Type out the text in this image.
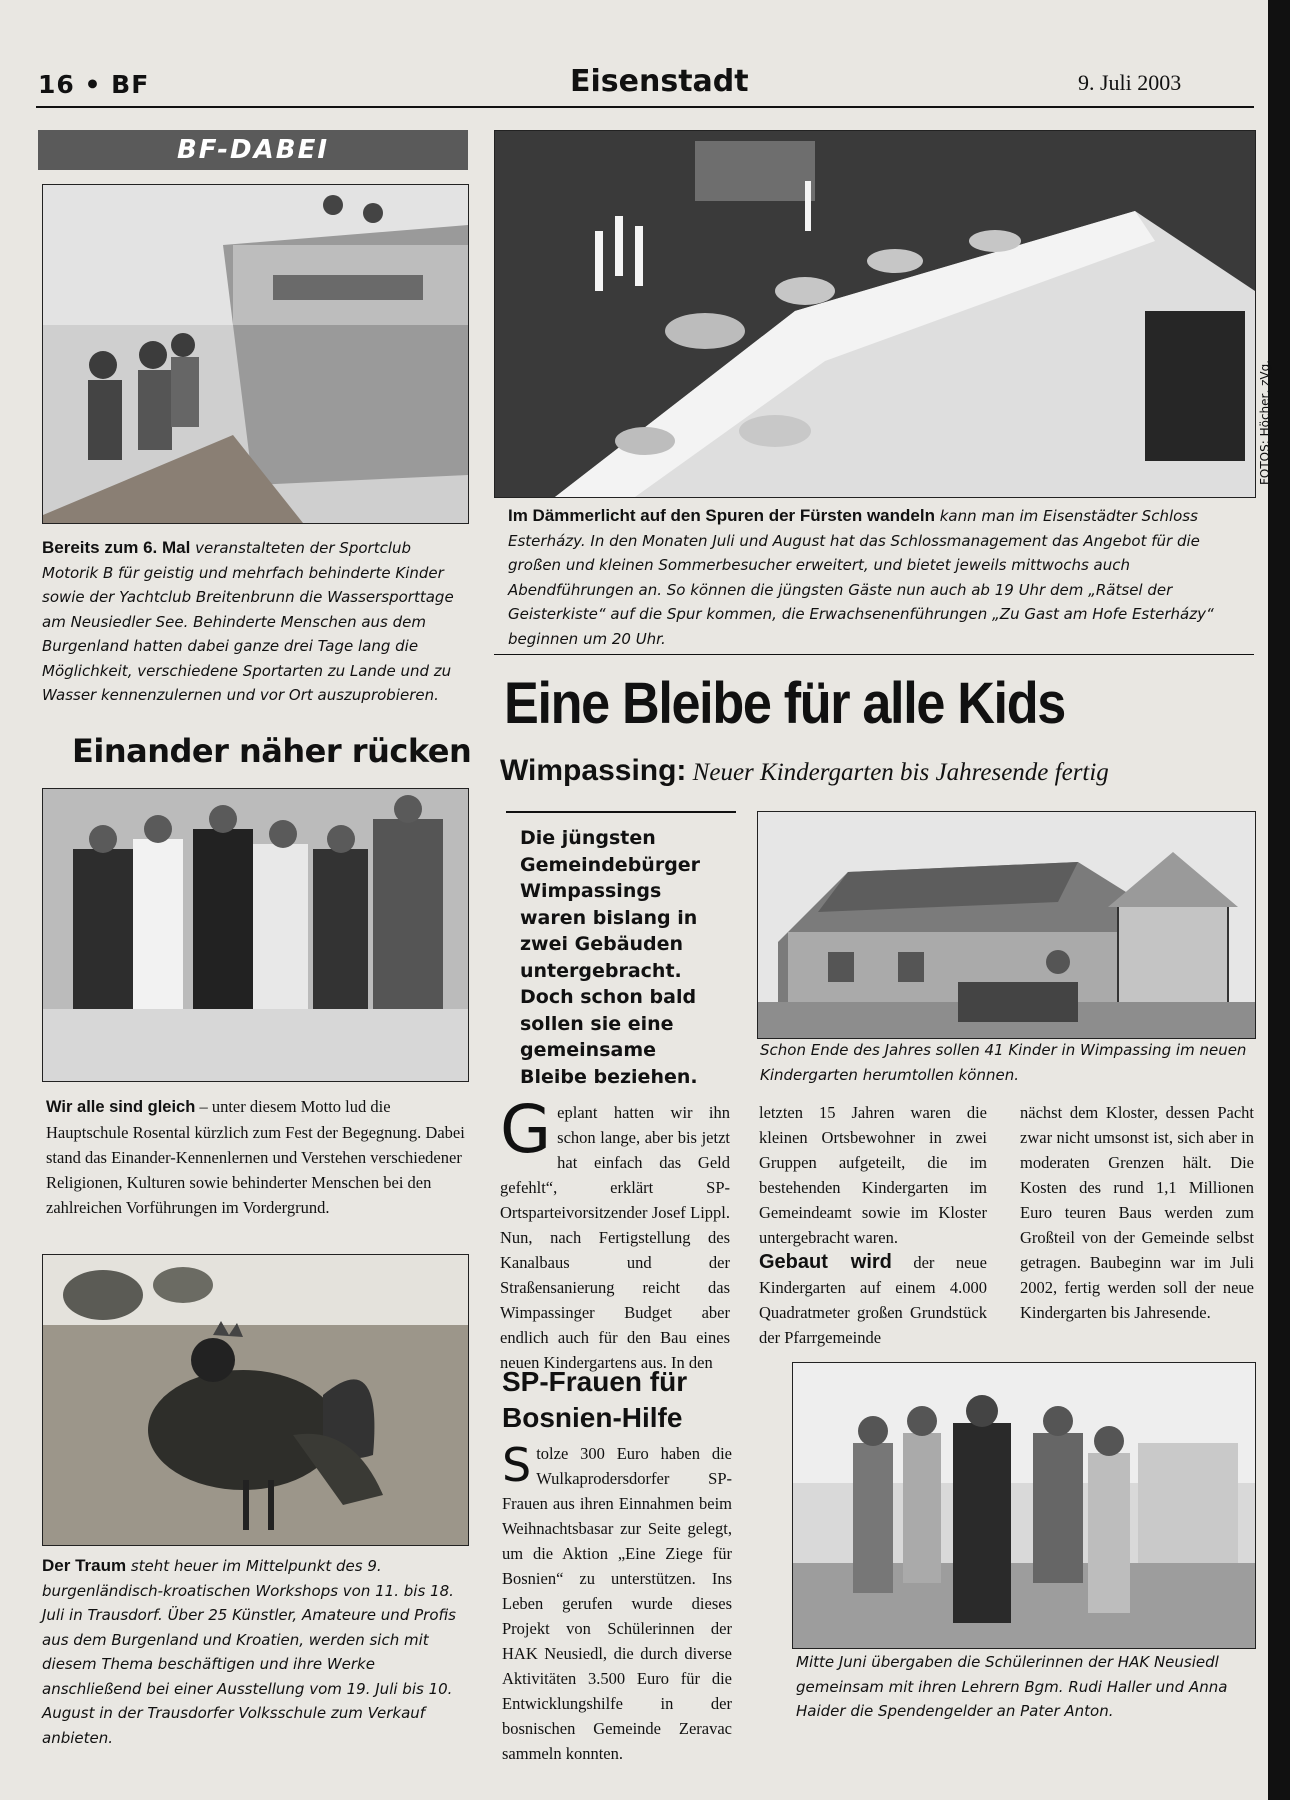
16 • BF	Eisenstadt	9. Juli 2003
BF-DABEI

Bereits zum 6. Mal veranstalteten der Sportclub Motorik B für geistig und mehrfach behinderte Kinder sowie der Yachtclub Breitenbrunn die Wassersporttage am Neusiedler See. Behinderte Menschen aus dem Burgenland hatten dabei ganze drei Tage lang die Möglichkeit, verschiedene Sportarten zu Lande und zu Wasser kennenzulernen und vor Ort auszuprobieren.

Einander näher rücken

Wir alle sind gleich – unter diesem Motto lud die Hauptschule Rosental kürzlich zum Fest der Begegnung. Dabei stand das Einander-Kennenlernen und Verstehen verschiedener Religionen, Kulturen sowie behinderter Menschen bei den zahlreichen Vorführungen im Vordergrund.

Der Traum steht heuer im Mittelpunkt des 9. burgenländisch-kroatischen Workshops von 11. bis 18. Juli in Trausdorf. Über 25 Künstler, Amateure und Profis aus dem Burgenland und Kroatien, werden sich mit diesem Thema beschäftigen und ihre Werke anschließend bei einer Ausstellung vom 19. Juli bis 10. August in der Trausdorfer Volksschule zum Verkauf anbieten.

FOTOS: Höcher, zVg.

Im Dämmerlicht auf den Spuren der Fürsten wandeln kann man im Eisenstädter Schloss Esterházy. In den Monaten Juli und August hat das Schlossmanagement das Angebot für die großen und kleinen Sommerbesucher erweitert, und bietet jeweils mittwochs auch Abendführungen an. So können die jüngsten Gäste nun auch ab 19 Uhr dem „Rätsel der Geisterkiste“ auf die Spur kommen, die Erwachsenenführungen „Zu Gast am Hofe Esterházy“ beginnen um 20 Uhr.

Eine Bleibe für alle Kids
Wimpassing: Neuer Kindergarten bis Jahresende fertig

Die jüngsten Gemeindebürger Wimpassings waren bislang in zwei Gebäuden untergebracht. Doch schon bald sollen sie eine gemeinsame Bleibe beziehen.

Schon Ende des Jahres sollen 41 Kinder in Wimpassing im neuen Kindergarten herumtollen können.

Geplant hatten wir ihn schon lange, aber bis jetzt hat einfach das Geld gefehlt“, erklärt SP-Ortsparteivorsitzender Josef Lippl. Nun, nach Fertigstellung des Kanalbaus und der Straßensanierung reicht das Wimpassinger Budget aber endlich auch für den Bau eines neuen Kindergartens aus. In den

letzten 15 Jahren waren die kleinen Ortsbewohner in zwei Gruppen aufgeteilt, die im bestehenden Kindergarten im Gemeindeamt sowie im Kloster untergebracht waren.
Gebaut wird der neue Kindergarten auf einem 4.000 Quadratmeter großen Grundstück der Pfarrgemeinde

nächst dem Kloster, dessen Pacht zwar nicht umsonst ist, sich aber in moderaten Grenzen hält. Die Kosten des rund 1,1 Millionen Euro teuren Baus werden zum Großteil von der Gemeinde selbst getragen. Baubeginn war im Juli 2002, fertig werden soll der neue Kindergarten bis Jahresende.

SP-Frauen für Bosnien-Hilfe

Stolze 300 Euro haben die Wulkaprodersdorfer SP-Frauen aus ihren Einnahmen beim Weihnachtsbasar zur Seite gelegt, um die Aktion „Eine Ziege für Bosnien“ zu unterstützen. Ins Leben gerufen wurde dieses Projekt von Schülerinnen der HAK Neusiedl, die durch diverse Aktivitäten 3.500 Euro für die Entwicklungshilfe in der bosnischen Gemeinde Zeravac sammeln konnten.

Mitte Juni übergaben die Schülerinnen der HAK Neusiedl gemeinsam mit ihren Lehrern Bgm. Rudi Haller und Anna Haider die Spendengelder an Pater Anton.
